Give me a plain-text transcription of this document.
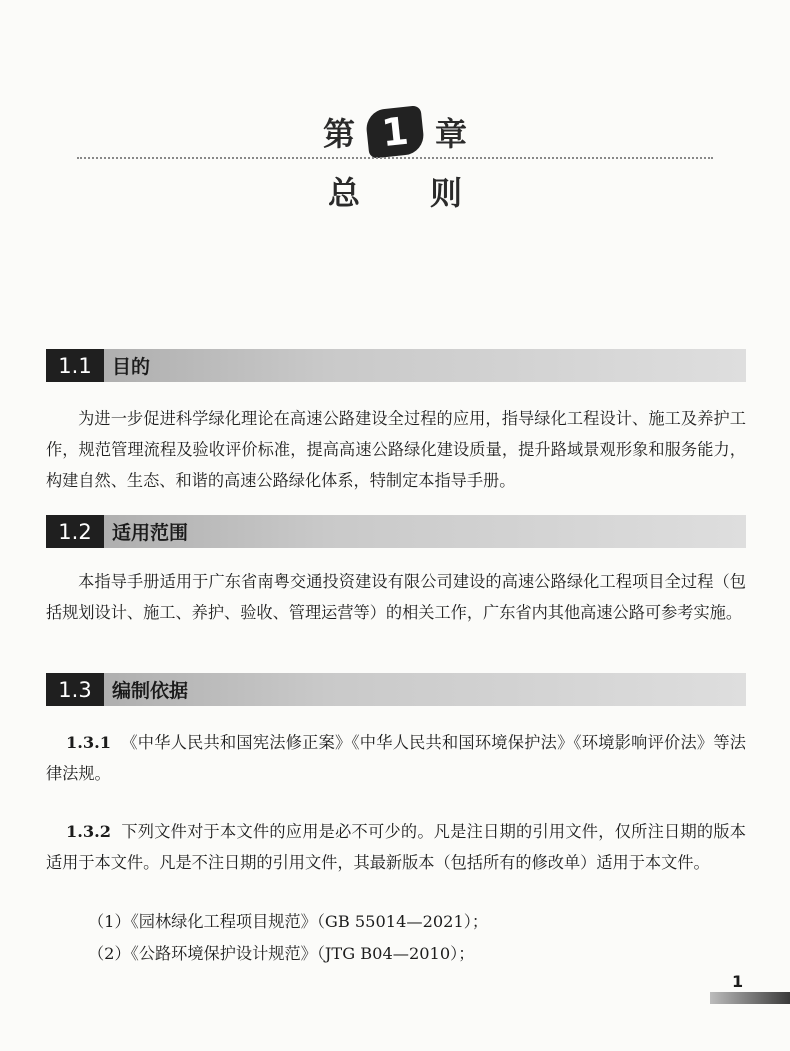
第 1 章
总则
1.1	目的
为进一步促进科学绿化理论在高速公路建设全过程的应用，指导绿化工程设计、施工及养护工作，规范管理流程及验收评价标准，提高高速公路绿化建设质量，提升路域景观形象和服务能力，构建自然、生态、和谐的高速公路绿化体系，特制定本指导手册。
1.2	适用范围
本指导手册适用于广东省南粤交通投资建设有限公司建设的高速公路绿化工程项目全过程（包括规划设计、施工、养护、验收、管理运营等）的相关工作，广东省内其他高速公路可参考实施。
1.3	编制依据
1.3.1 《中华人民共和国宪法修正案》《中华人民共和国环境保护法》《环境影响评价法》等法律法规。
1.3.2 下列文件对于本文件的应用是必不可少的。凡是注日期的引用文件，仅所注日期的版本适用于本文件。凡是不注日期的引用文件，其最新版本（包括所有的修改单）适用于本文件。
（1）《园林绿化工程项目规范》（GB 55014—2021）；
（2）《公路环境保护设计规范》（JTG B04—2010）；
1
